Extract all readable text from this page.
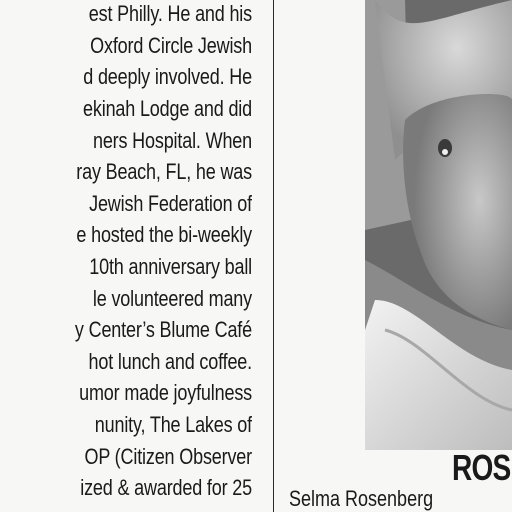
est Philly. He and his
Oxford Circle Jewish
d deeply involved. He
ekinah Lodge and did
ners Hospital. When
ray Beach, FL, he was
Jewish Federation of
e hosted the bi-weekly
10th anniversary ball
le volunteered many
y Center’s Blume Café
hot lunch and coffee.
umor made joyfulness
nunity, The Lakes of
OP (Citizen Observer
ized & awarded for 25	ROS
Selma Rosenberg
